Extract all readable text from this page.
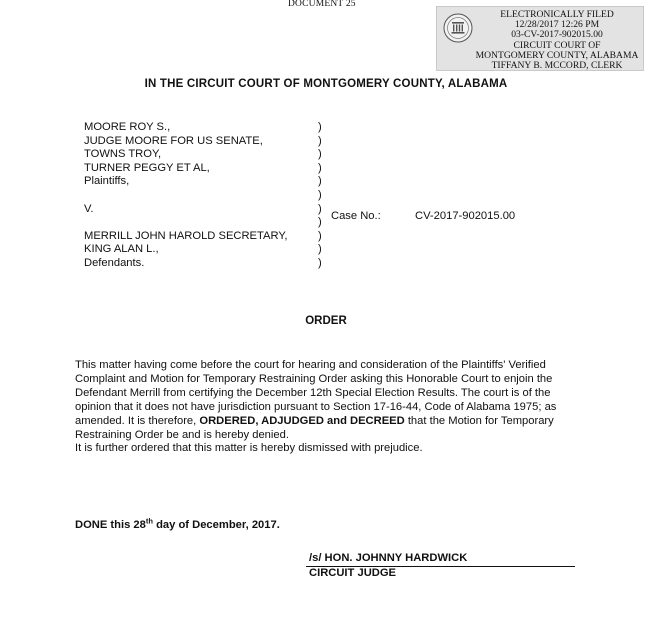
DOCUMENT 25
ELECTRONICALLY FILED
12/28/2017 12:26 PM
03-CV-2017-902015.00
CIRCUIT COURT OF
MONTGOMERY COUNTY, ALABAMA
TIFFANY B. MCCORD, CLERK
IN THE CIRCUIT COURT OF MONTGOMERY COUNTY, ALABAMA
MOORE ROY S.,
JUDGE MOORE FOR US SENATE,
TOWNS TROY,
TURNER PEGGY ET AL,
Plaintiffs,

V.

MERRILL JOHN HAROLD SECRETARY,
KING ALAN L.,
Defendants.
)
)
)
)
)
)
)
)
)
)
)
Case No.:	CV-2017-902015.00
ORDER
This matter having come before the court for hearing and consideration of the Plaintiffs' Verified Complaint and Motion for Temporary Restraining Order asking this Honorable Court to enjoin the Defendant Merrill from certifying the December 12th Special Election Results. The court is of the opinion that it does not have jurisdiction pursuant to Section 17-16-44, Code of Alabama 1975; as amended. It is therefore, ORDERED, ADJUDGED and DECREED that the Motion for Temporary Restraining Order be and is hereby denied.
It is further ordered that this matter is hereby dismissed with prejudice.
DONE this 28th day of December, 2017.
/s/ HON. JOHNNY HARDWICK
CIRCUIT JUDGE
